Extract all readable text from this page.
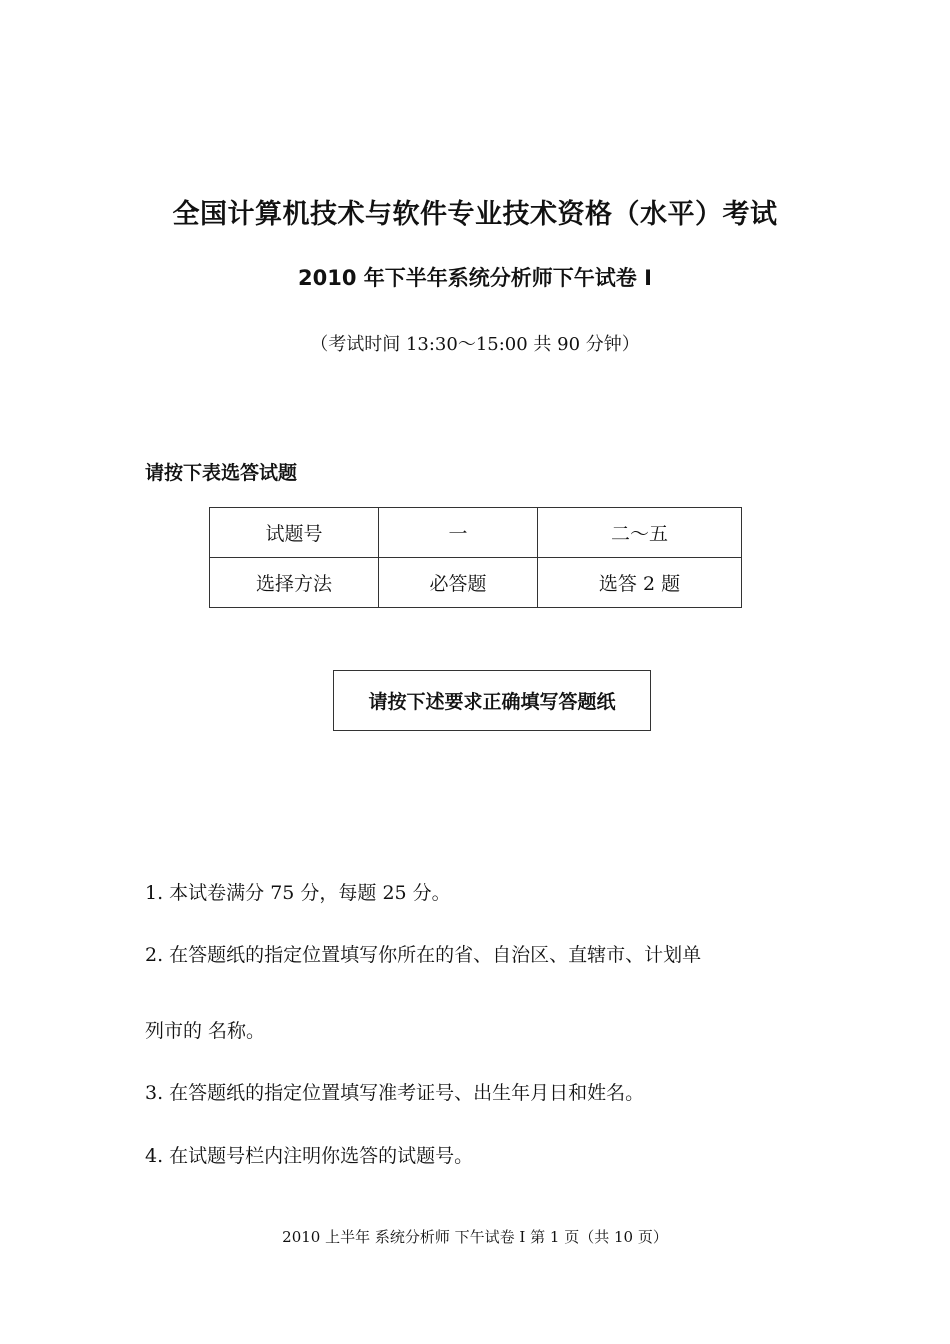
全国计算机技术与软件专业技术资格（水平）考试
2010 年下半年系统分析师下午试卷 Ⅰ
（考试时间 13:30～15:00 共 90 分钟）
请按下表选答试题
试题号	一	二～五
选择方法	必答题	选答 2 题
请按下述要求正确填写答题纸
1. 本试卷满分 75 分，每题 25 分。
2. 在答题纸的指定位置填写你所在的省、自治区、直辖市、计划单
列市的 名称。
3. 在答题纸的指定位置填写准考证号、出生年月日和姓名。
4. 在试题号栏内注明你选答的试题号。
2010 上半年 系统分析师 下午试卷 Ⅰ 第 1 页（共 10 页）
